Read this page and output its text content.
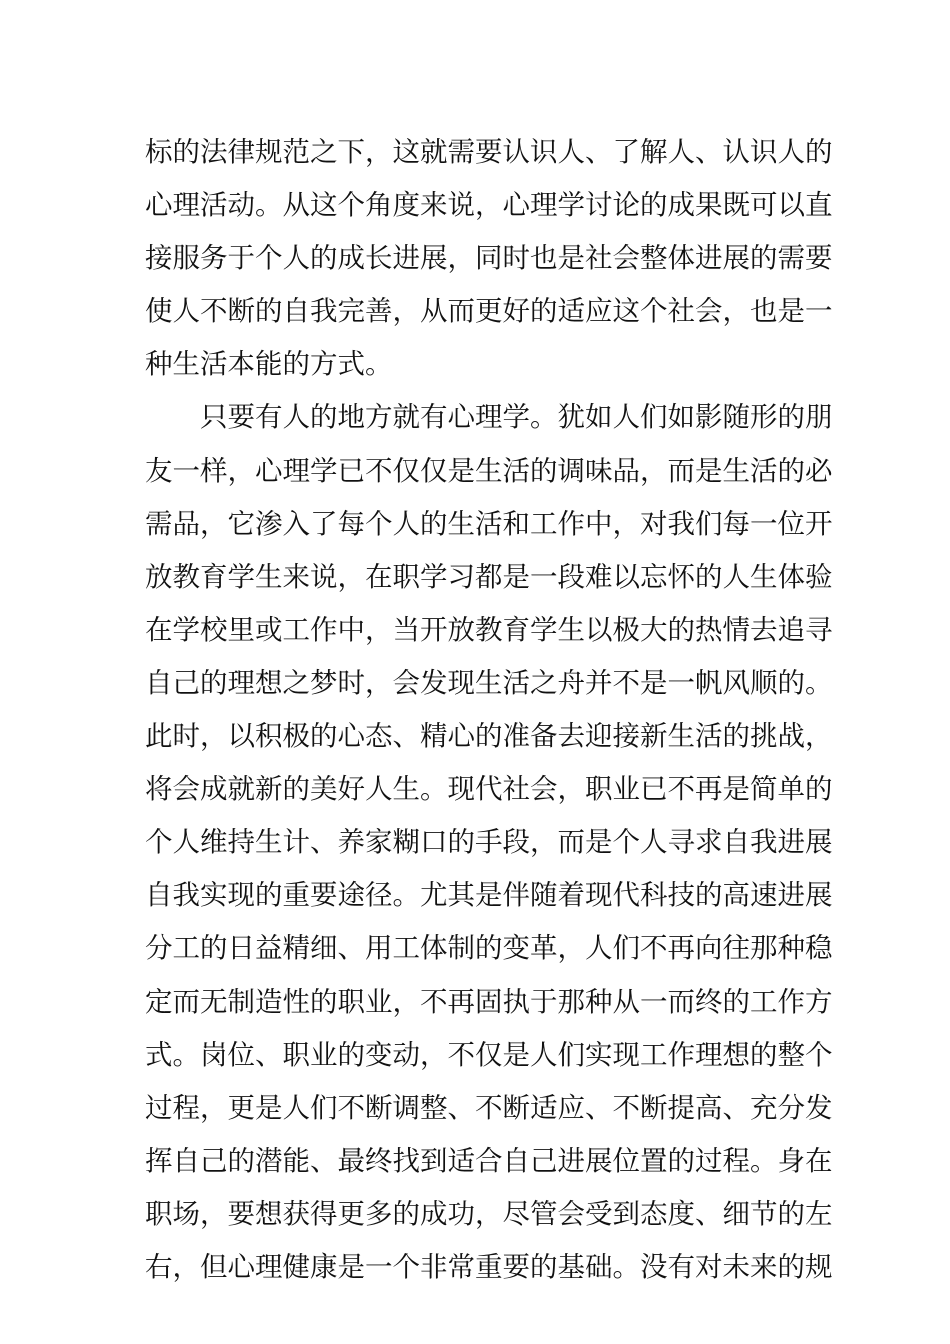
标的法律规范之下，这就需要认识人、了解人、认识人的
心理活动。从这个角度来说，心理学讨论的成果既可以直
接服务于个人的成长进展，同时也是社会整体进展的需要
使人不断的自我完善，从而更好的适应这个社会，也是一
种生活本能的方式。
只要有人的地方就有心理学。犹如人们如影随形的朋
友一样，心理学已不仅仅是生活的调味品，而是生活的必
需品，它渗入了每个人的生活和工作中，对我们每一位开
放教育学生来说，在职学习都是一段难以忘怀的人生体验
在学校里或工作中，当开放教育学生以极大的热情去追寻
自己的理想之梦时，会发现生活之舟并不是一帆风顺的。
此时，以积极的心态、精心的准备去迎接新生活的挑战，
将会成就新的美好人生。现代社会，职业已不再是简单的
个人维持生计、养家糊口的手段，而是个人寻求自我进展
自我实现的重要途径。尤其是伴随着现代科技的高速进展
分工的日益精细、用工体制的变革，人们不再向往那种稳
定而无制造性的职业，不再固执于那种从一而终的工作方
式。岗位、职业的变动，不仅是人们实现工作理想的整个
过程，更是人们不断调整、不断适应、不断提高、充分发
挥自己的潜能、最终找到适合自己进展位置的过程。身在
职场，要想获得更多的成功，尽管会受到态度、细节的左
右，但心理健康是一个非常重要的基础。没有对未来的规
